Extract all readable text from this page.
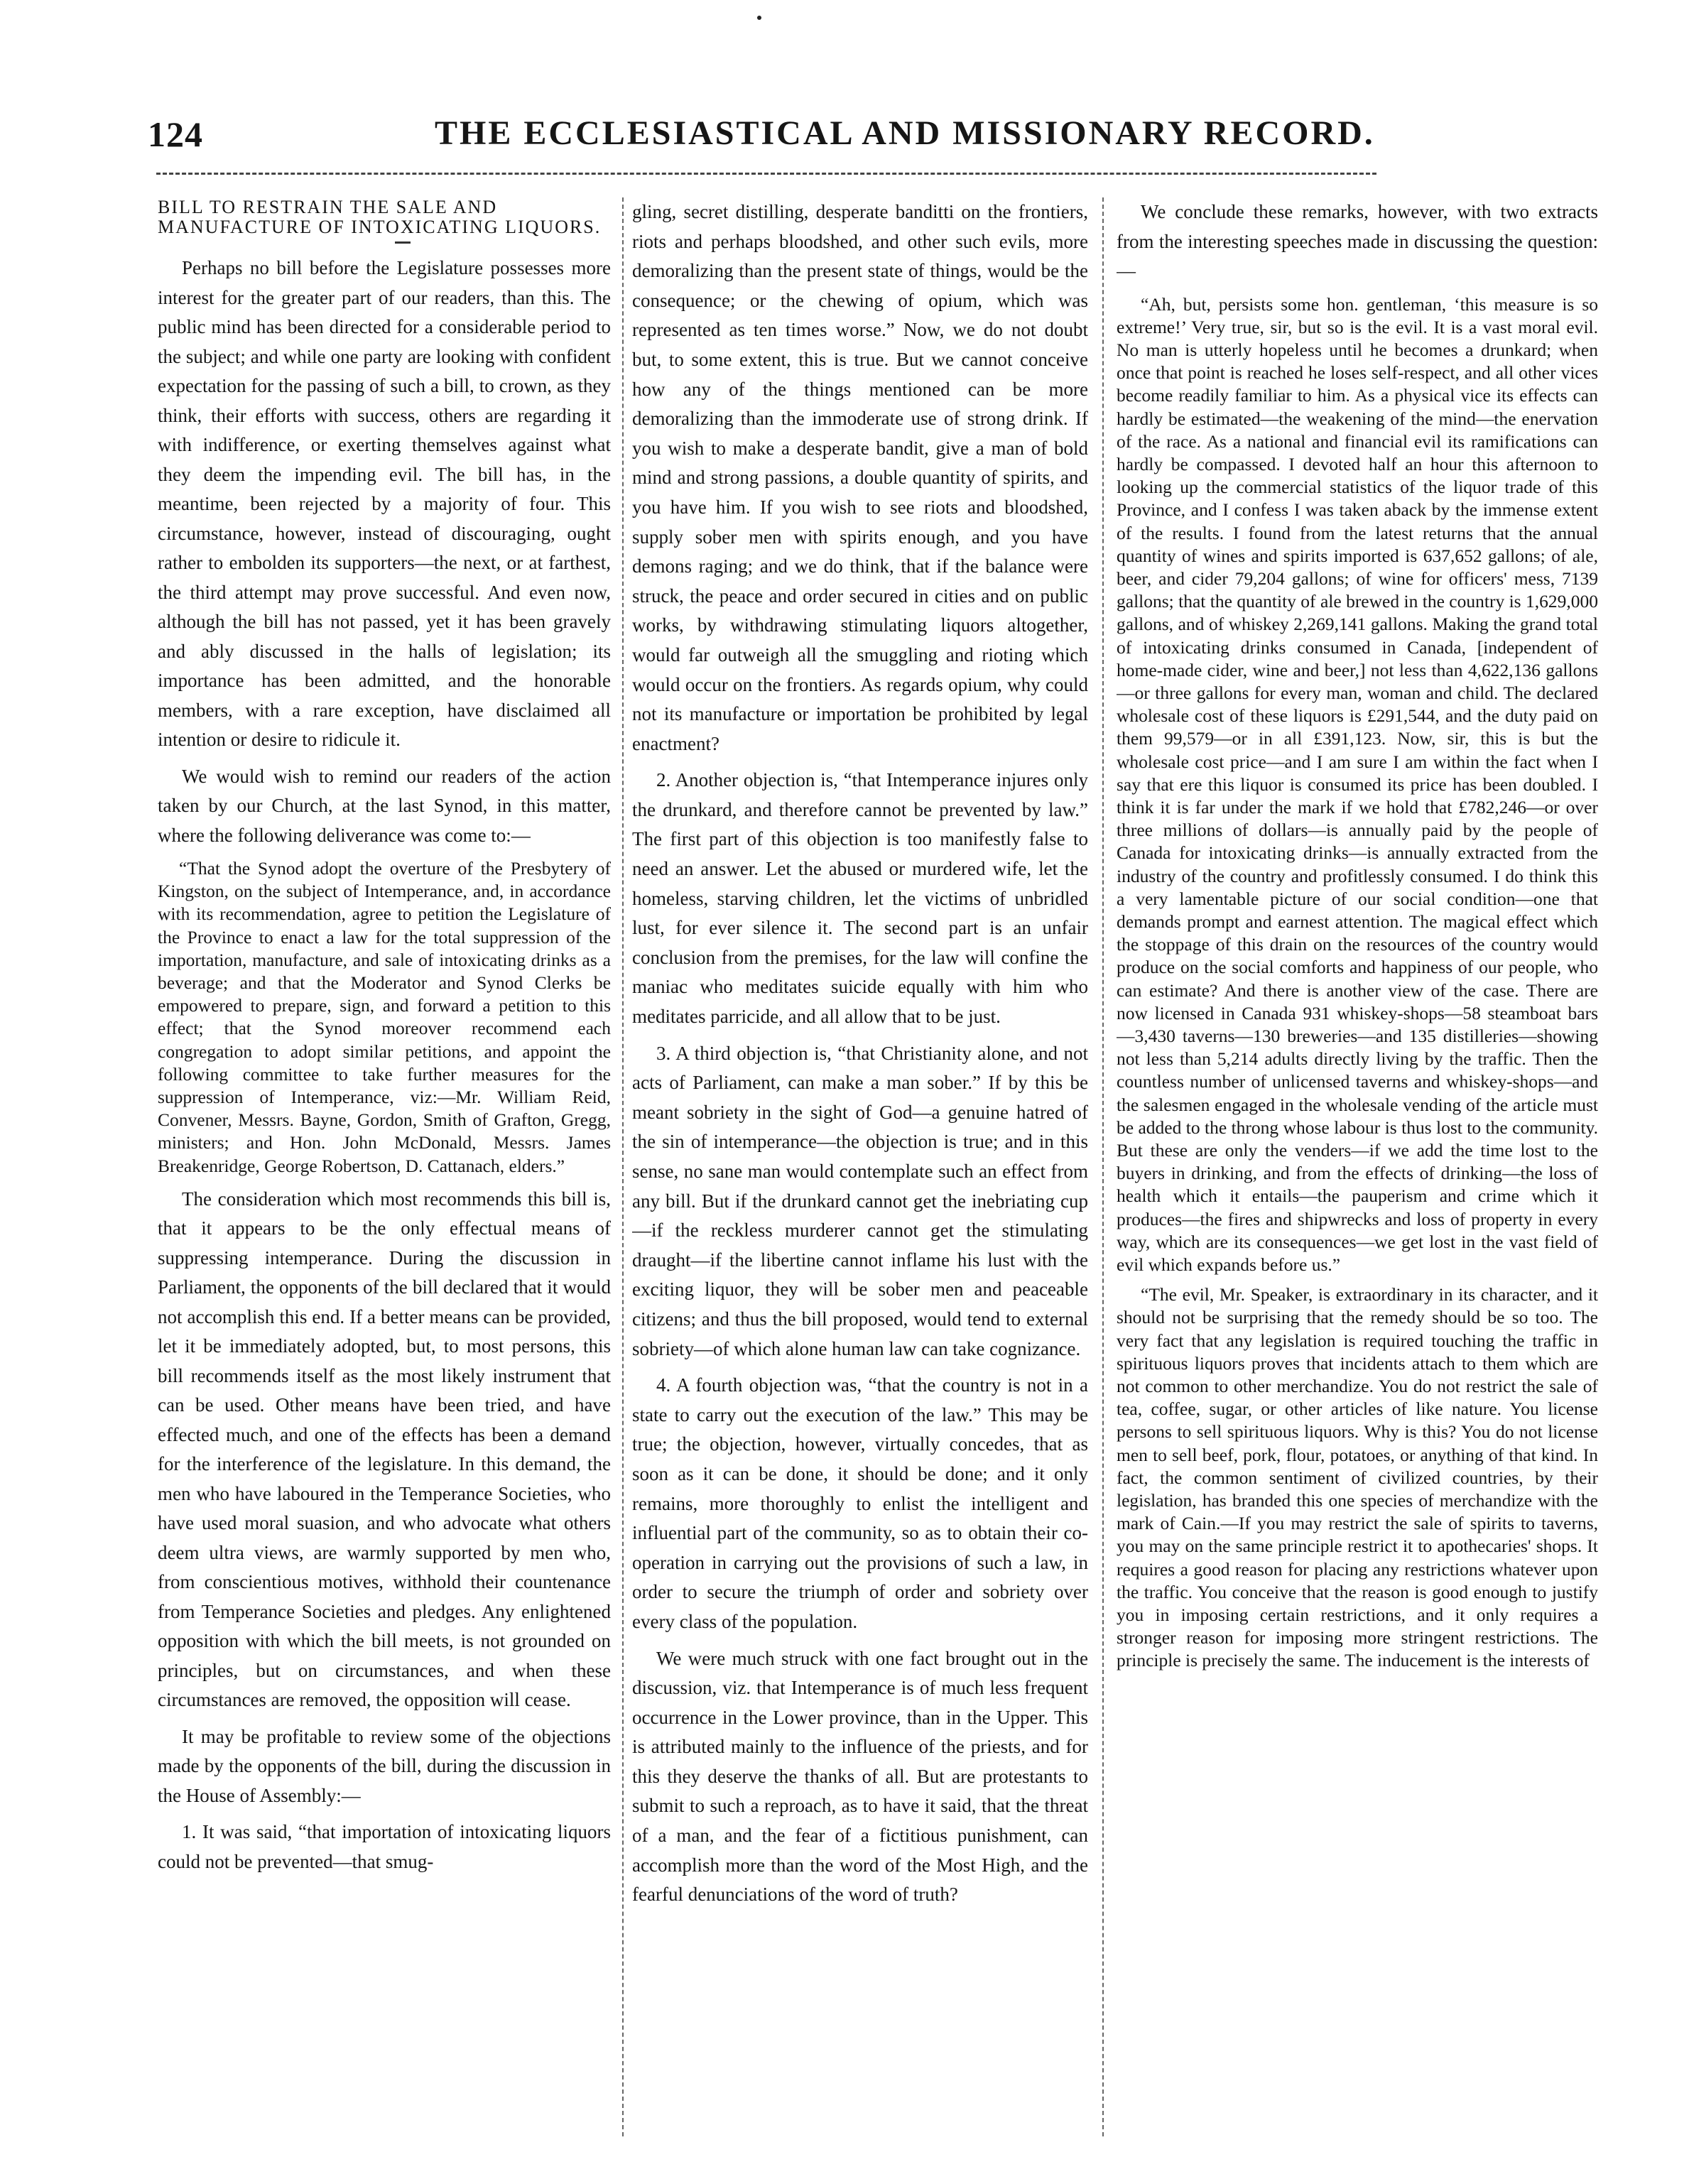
124	THE ECCLESIASTICAL AND MISSIONARY RECORD.

BILL TO RESTRAIN THE SALE AND MANUFACTURE OF INTOXICATING LIQUORS.

Perhaps no bill before the Legislature possesses more interest for the greater part of our readers, than this. The public mind has been directed for a considerable period to the subject; and while one party are looking with confident expectation for the passing of such a bill, to crown, as they think, their efforts with success, others are regarding it with indifference, or exerting themselves against what they deem the impending evil. The bill has, in the meantime, been rejected by a majority of four. This circumstance, however, instead of discouraging, ought rather to embolden its supporters—the next, or at farthest, the third attempt may prove successful. And even now, although the bill has not passed, yet it has been gravely and ably discussed in the halls of legislation; its importance has been admitted, and the honorable members, with a rare exception, have disclaimed all intention or desire to ridicule it.

We would wish to remind our readers of the action taken by our Church, at the last Synod, in this matter, where the following deliverance was come to:—

“That the Synod adopt the overture of the Presbytery of Kingston, on the subject of Intemperance, and, in accordance with its recommendation, agree to petition the Legislature of the Province to enact a law for the total suppression of the importation, manufacture, and sale of intoxicating drinks as a beverage; and that the Moderator and Synod Clerks be empowered to prepare, sign, and forward a petition to this effect; that the Synod moreover recommend each congregation to adopt similar petitions, and appoint the following committee to take further measures for the suppression of Intemperance, viz:—Mr. William Reid, Convener, Messrs. Bayne, Gordon, Smith of Grafton, Gregg, ministers; and Hon. John McDonald, Messrs. James Breakenridge, George Robertson, D. Cattanach, elders.”

The consideration which most recommends this bill is, that it appears to be the only effectual means of suppressing intemperance. During the discussion in Parliament, the opponents of the bill declared that it would not accomplish this end. If a better means can be provided, let it be immediately adopted, but, to most persons, this bill recommends itself as the most likely instrument that can be used. Other means have been tried, and have effected much, and one of the effects has been a demand for the interference of the legislature. In this demand, the men who have laboured in the Temperance Societies, who have used moral suasion, and who advocate what others deem ultra views, are warmly supported by men who, from conscientious motives, withhold their countenance from Temperance Societies and pledges. Any enlightened opposition with which the bill meets, is not grounded on principles, but on circumstances, and when these circumstances are removed, the opposition will cease.

It may be profitable to review some of the objections made by the opponents of the bill, during the discussion in the House of Assembly:—

1. It was said, “that importation of intoxicating liquors could not be prevented—that smug-

gling, secret distilling, desperate banditti on the frontiers, riots and perhaps bloodshed, and other such evils, more demoralizing than the present state of things, would be the consequence; or the chewing of opium, which was represented as ten times worse.” Now, we do not doubt but, to some extent, this is true. But we cannot conceive how any of the things mentioned can be more demoralizing than the immoderate use of strong drink. If you wish to make a desperate bandit, give a man of bold mind and strong passions, a double quantity of spirits, and you have him. If you wish to see riots and bloodshed, supply sober men with spirits enough, and you have demons raging; and we do think, that if the balance were struck, the peace and order secured in cities and on public works, by withdrawing stimulating liquors altogether, would far outweigh all the smuggling and rioting which would occur on the frontiers. As regards opium, why could not its manufacture or importation be prohibited by legal enactment?

2. Another objection is, “that Intemperance injures only the drunkard, and therefore cannot be prevented by law.” The first part of this objection is too manifestly false to need an answer. Let the abused or murdered wife, let the homeless, starving children, let the victims of unbridled lust, for ever silence it. The second part is an unfair conclusion from the premises, for the law will confine the maniac who meditates suicide equally with him who meditates parricide, and all allow that to be just.

3. A third objection is, “that Christianity alone, and not acts of Parliament, can make a man sober.” If by this be meant sobriety in the sight of God—a genuine hatred of the sin of intemperance—the objection is true; and in this sense, no sane man would contemplate such an effect from any bill. But if the drunkard cannot get the inebriating cup—if the reckless murderer cannot get the stimulating draught—if the libertine cannot inflame his lust with the exciting liquor, they will be sober men and peaceable citizens; and thus the bill proposed, would tend to external sobriety—of which alone human law can take cognizance.

4. A fourth objection was, “that the country is not in a state to carry out the execution of the law.” This may be true; the objection, however, virtually concedes, that as soon as it can be done, it should be done; and it only remains, more thoroughly to enlist the intelligent and influential part of the community, so as to obtain their co-operation in carrying out the provisions of such a law, in order to secure the triumph of order and sobriety over every class of the population.

We were much struck with one fact brought out in the discussion, viz. that Intemperance is of much less frequent occurrence in the Lower province, than in the Upper. This is attributed mainly to the influence of the priests, and for this they deserve the thanks of all. But are protestants to submit to such a reproach, as to have it said, that the threat of a man, and the fear of a fictitious punishment, can accomplish more than the word of the Most High, and the fearful denunciations of the word of truth?

We conclude these remarks, however, with two extracts from the interesting speeches made in discussing the question:—

“Ah, but, persists some hon. gentleman, ‘this measure is so extreme!’ Very true, sir, but so is the evil. It is a vast moral evil. No man is utterly hopeless until he becomes a drunkard; when once that point is reached he loses self-respect, and all other vices become readily familiar to him. As a physical vice its effects can hardly be estimated—the weakening of the mind—the enervation of the race. As a national and financial evil its ramifications can hardly be compassed. I devoted half an hour this afternoon to looking up the commercial statistics of the liquor trade of this Province, and I confess I was taken aback by the immense extent of the results. I found from the latest returns that the annual quantity of wines and spirits imported is 637,652 gallons; of ale, beer, and cider 79,204 gallons; of wine for officers' mess, 7139 gallons; that the quantity of ale brewed in the country is 1,629,000 gallons, and of whiskey 2,269,141 gallons. Making the grand total of intoxicating drinks consumed in Canada, [independent of home-made cider, wine and beer,] not less than 4,622,136 gallons—or three gallons for every man, woman and child. The declared wholesale cost of these liquors is £291,544, and the duty paid on them 99,579—or in all £391,123. Now, sir, this is but the wholesale cost price—and I am sure I am within the fact when I say that ere this liquor is consumed its price has been doubled. I think it is far under the mark if we hold that £782,246—or over three millions of dollars—is annually paid by the people of Canada for intoxicating drinks—is annually extracted from the industry of the country and profitlessly consumed. I do think this a very lamentable picture of our social condition—one that demands prompt and earnest attention. The magical effect which the stoppage of this drain on the resources of the country would produce on the social comforts and happiness of our people, who can estimate? And there is another view of the case. There are now licensed in Canada 931 whiskey-shops—58 steamboat bars—3,430 taverns—130 breweries—and 135 distilleries—showing not less than 5,214 adults directly living by the traffic. Then the countless number of unlicensed taverns and whiskey-shops—and the salesmen engaged in the wholesale vending of the article must be added to the throng whose labour is thus lost to the community. But these are only the venders—if we add the time lost to the buyers in drinking, and from the effects of drinking—the loss of health which it entails—the pauperism and crime which it produces—the fires and shipwrecks and loss of property in every way, which are its consequences—we get lost in the vast field of evil which expands before us.”

“The evil, Mr. Speaker, is extraordinary in its character, and it should not be surprising that the remedy should be so too. The very fact that any legislation is required touching the traffic in spirituous liquors proves that incidents attach to them which are not common to other merchandize. You do not restrict the sale of tea, coffee, sugar, or other articles of like nature. You license persons to sell spirituous liquors. Why is this? You do not license men to sell beef, pork, flour, potatoes, or anything of that kind. In fact, the common sentiment of civilized countries, by their legislation, has branded this one species of merchandize with the mark of Cain.—If you may restrict the sale of spirits to taverns, you may on the same principle restrict it to apothecaries' shops. It requires a good reason for placing any restrictions whatever upon the traffic. You conceive that the reason is good enough to justify you in imposing certain restrictions, and it only requires a stronger reason for imposing more stringent restrictions. The principle is precisely the same. The inducement is the interests of
